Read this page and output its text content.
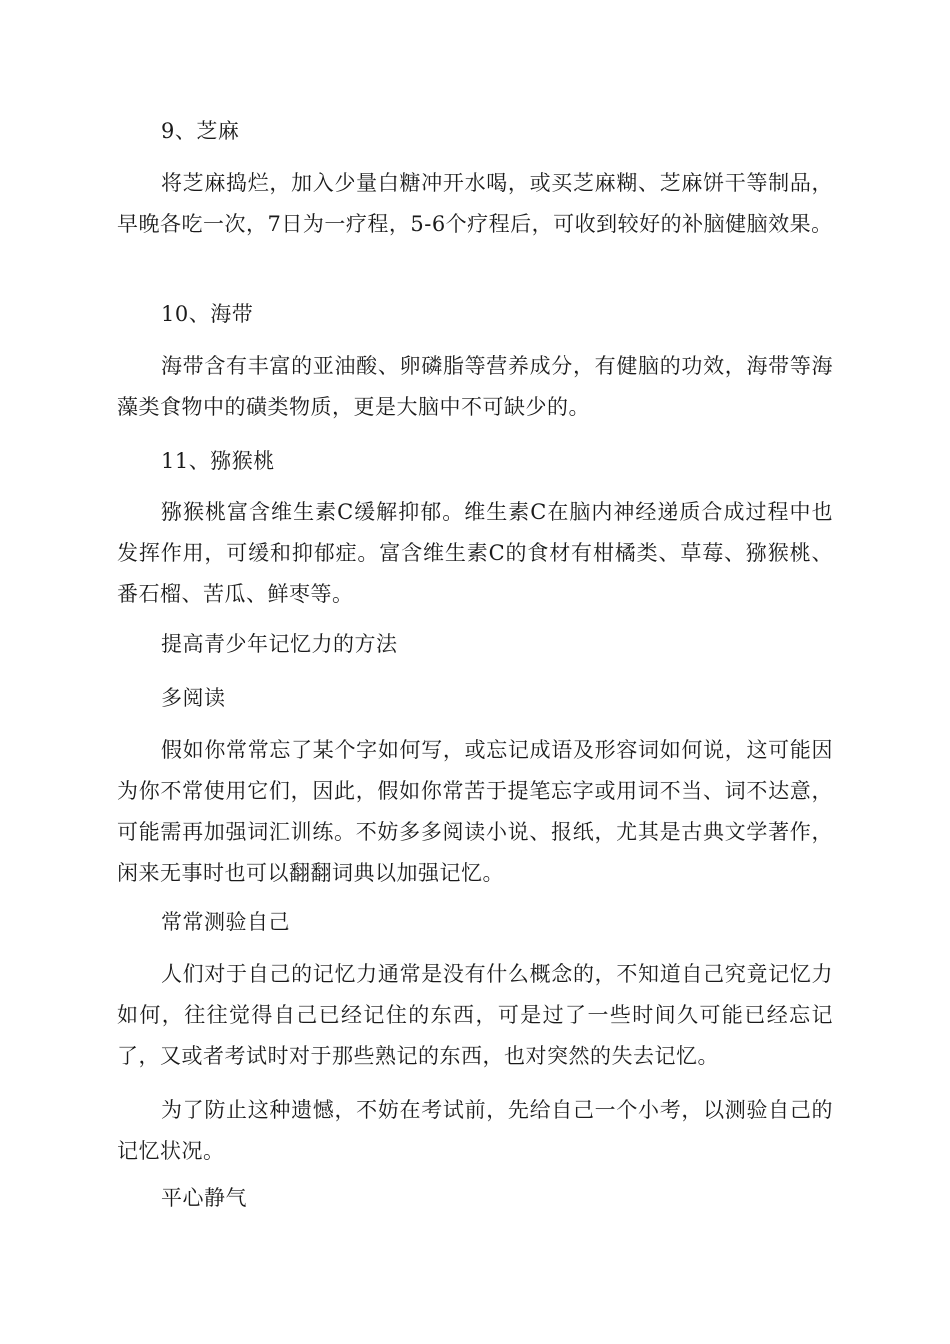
9、芝麻

将芝麻捣烂，加入少量白糖冲开水喝，或买芝麻糊、芝麻饼干等制品，早晚各吃一次，7日为一疗程，5-6个疗程后，可收到较好的补脑健脑效果。

10、海带

海带含有丰富的亚油酸、卵磷脂等营养成分，有健脑的功效，海带等海藻类食物中的磺类物质，更是大脑中不可缺少的。

11、猕猴桃

猕猴桃富含维生素C缓解抑郁。维生素C在脑内神经递质合成过程中也发挥作用，可缓和抑郁症。富含维生素C的食材有柑橘类、草莓、猕猴桃、番石榴、苦瓜、鲜枣等。

提高青少年记忆力的方法

多阅读

假如你常常忘了某个字如何写，或忘记成语及形容词如何说，这可能因为你不常使用它们，因此，假如你常苦于提笔忘字或用词不当、词不达意，可能需再加强词汇训练。不妨多多阅读小说、报纸，尤其是古典文学著作，闲来无事时也可以翻翻词典以加强记忆。

常常测验自己

人们对于自己的记忆力通常是没有什么概念的，不知道自己究竟记忆力如何，往往觉得自己已经记住的东西，可是过了一些时间久可能已经忘记了，又或者考试时对于那些熟记的东西，也对突然的失去记忆。

为了防止这种遗憾，不妨在考试前，先给自己一个小考，以测验自己的记忆状况。

平心静气
